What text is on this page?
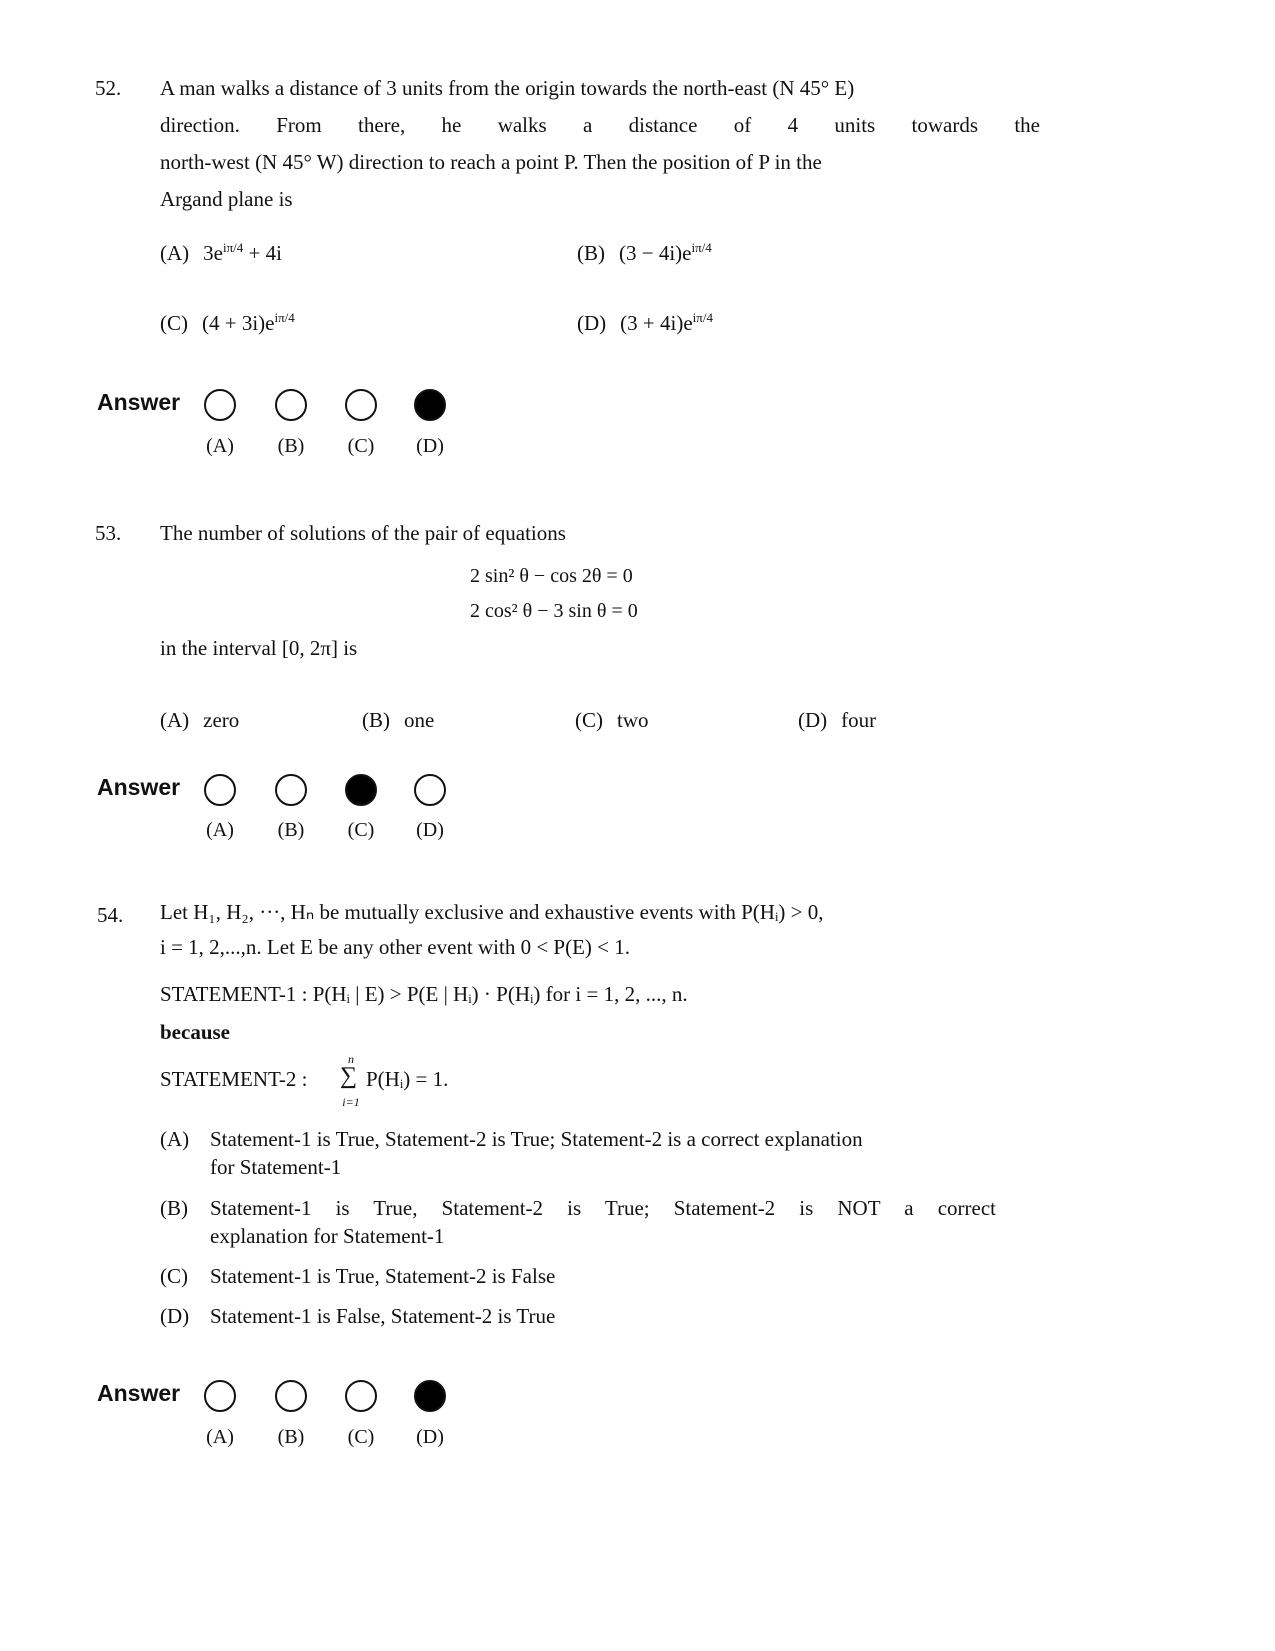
52. A man walks a distance of 3 units from the origin towards the north-east (N 45° E)
direction. From there, he walks a distance of 4 units towards the
north-west (N 45° W) direction to reach a point P. Then the position of P in the
Argand plane is
(A) $3e^{i\pi/4} + 4i$	(B) $(3 - 4i)e^{i\pi/4}$
(C) $(4 + 3i)e^{i\pi/4}$	(D) $(3 + 4i)e^{i\pi/4}$
Answer
(A)	(B)	(C)	(D)
53. The number of solutions of the pair of equations
2 sin² θ − cos 2θ = 0
2 cos² θ − 3 sin θ = 0
in the interval [0, 2π] is
(A) zero	(B) one	(C) two	(D) four
Answer
(A)	(B)	(C)	(D)
54. Let H₁, H₂, ···, Hₙ be mutually exclusive and exhaustive events with P(Hᵢ) > 0,
i = 1, 2,...,n. Let E be any other event with 0 < P(E) < 1.
STATEMENT-1 : P(Hᵢ | E) > P(E | Hᵢ) · P(Hᵢ) for i = 1, 2, ..., n.
because
STATEMENT-2 :
n
∑
i=1
P(Hᵢ) = 1.
(A) Statement-1 is True, Statement-2 is True; Statement-2 is a correct explanation
for Statement-1
(B)	Statement-1 is True, Statement-2 is True; Statement-2 is NOT a correct
explanation for Statement-1
(C)	Statement-1 is True, Statement-2 is False
(D) Statement-1 is False, Statement-2 is True
Answer
(A)	(B)	(C)	(D)
